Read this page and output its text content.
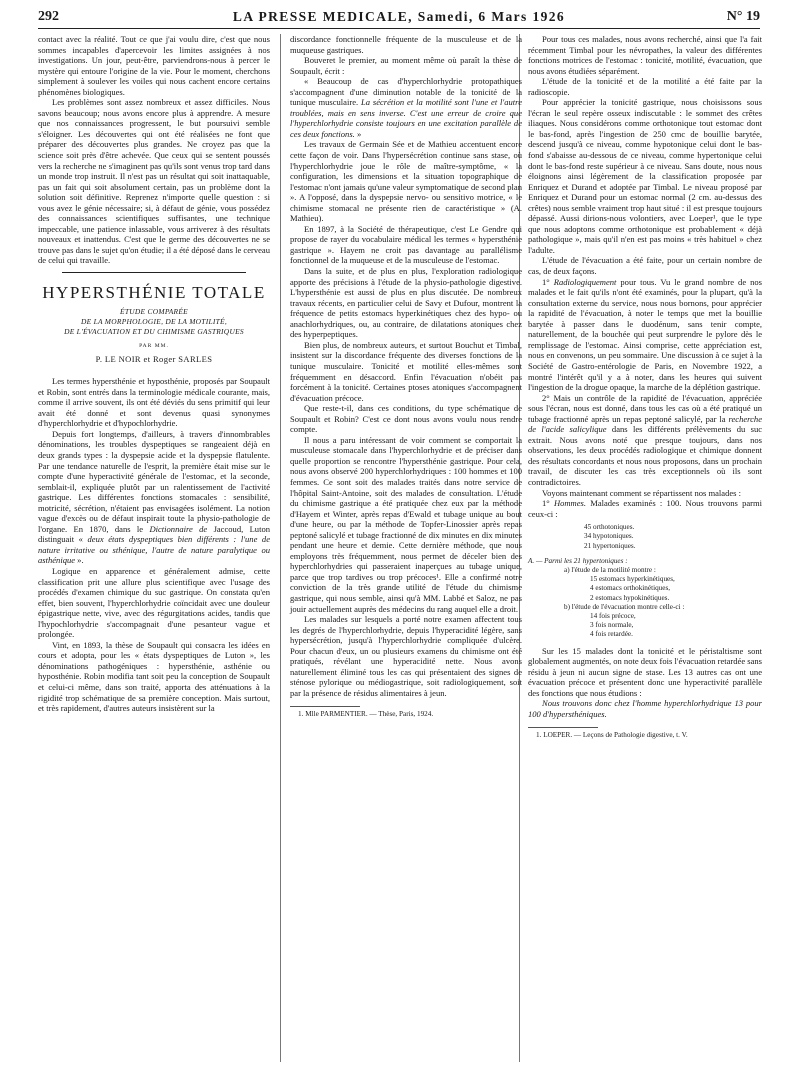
292	LA PRESSE MEDICALE, Samedi, 6 Mars 1926	N° 19

contact avec la réalité. Tout ce que j'ai voulu dire, c'est que nous sommes incapables d'apercevoir les limites assignées à nos investigations. Un jour, peut-être, parviendrons-nous à percer le mystère qui entoure l'origine de la vie. Pour le moment, cherchons simplement à soulever les voiles qui nous cachent encore certains phénomènes biologiques.

Les problèmes sont assez nombreux et assez difficiles. Nous savons beaucoup; nous avons encore plus à apprendre. A mesure que nos connaissances progressent, le but poursuivi semble s'éloigner. Les découvertes qui ont été réalisées ne font que préparer des découvertes plus grandes. Ne croyez pas que la science soit près d'être achevée. Que ceux qui se sentent poussés vers la recherche ne s'imaginent pas qu'ils sont venus trop tard dans un monde trop instruit. Il n'est pas un résultat qui soit inattaquable, pas un fait qui soit absolument certain, pas un problème dont la solution soit définitive. Reprenez n'importe quelle question : si vous avez le génie nécessaire; si, à défaut de génie, vous possédez des connaissances scientifiques suffisantes, une technique impeccable, une patience inlassable, vous arriverez à des résultats nouveaux et inattendus. C'est que le germe des découvertes ne se trouve pas dans le sujet qu'on étudie; il a été déposé dans le cerveau de celui qui travaille.

HYPERSTHÉNIE TOTALE
ÉTUDE COMPARÉE
DE LA MORPHOLOGIE, DE LA MOTILITÉ,
DE L'ÉVACUATION ET DU CHIMISME GASTRIQUES
PAR MM.
P. LE NOIR et Roger SARLES

Les termes hypersthénie et hyposthénie, proposés par Soupault et Robin, sont entrés dans la terminologie médicale courante, mais, comme il arrive souvent, ils ont été déviés du sens primitif qui leur avait été donné et sont devenus quasi synonymes d'hyperchlorhydrie et d'hypochlorhydrie.

Depuis fort longtemps, d'ailleurs, à travers d'innombrables dénominations, les troubles dyspeptiques se rangeaient déjà en deux grands types : la dyspepsie acide et la dyspepsie flatulente. Par une tendance naturelle de l'esprit, la première était mise sur le compte d'une hyperactivité générale de l'estomac, et la seconde, semblait-il, expliquée plutôt par un ralentissement de l'activité gastrique. Les différentes fonctions stomacales : sensibilité, motricité, sécrétion, n'étaient pas envisagées isolément. La notion vague d'excès ou de défaut inspirait toute la physio-pathologie de l'organe. En 1870, dans le Dictionnaire de Jaccoud, Luton distinguait « deux états dyspeptiques bien différents : l'une de nature irritative ou sthénique, l'autre de nature paralytique ou asthénique ».

Logique en apparence et généralement admise, cette classification prit une allure plus scientifique avec l'usage des procédés d'examen chimique du suc gastrique. On constata qu'en effet, bien souvent, l'hyperchlorhydrie coïncidait avec une douleur épigastrique nette, vive, avec des régurgitations acides, tandis que l'hypochlorhydrie s'accompagnait d'une pesanteur vague et prolongée.

Vint, en 1893, la thèse de Soupault qui consacra les idées en cours et adopta, pour les « états dyspeptiques de Luton », les dénominations pathogéniques : hypersthénie, asthénie ou hyposthénie. Robin modifia tant soit peu la conception de Soupault et celui-ci même, dans son traité, apporta des atténuations à la rigidité trop schématique de sa première conception. Mais surtout, et très rapidement, d'autres auteurs insistèrent sur la

discordance fonctionnelle fréquente de la musculeuse et de la muqueuse gastriques.

Bouveret le premier, au moment même où paraît la thèse de Soupault, écrit :

« Beaucoup de cas d'hyperchlorhydrie protopathiques s'accompagnent d'une diminution notable de la tonicité de la tunique musculaire. La sécrétion et la motilité sont l'une et l'autre troublées, mais en sens inverse. C'est une erreur de croire que l'hyperchlorhydrie consiste toujours en une excitation parallèle de ces deux fonctions. »

Les travaux de Germain Sée et de Mathieu accentuent encore cette façon de voir. Dans l'hypersécrétion continue sans stase, où l'hyperchlorhydrie joue le rôle de maître-symptôme, « la configuration, les dimensions et la situation topographique de l'estomac n'ont jamais qu'une valeur symptomatique de second plan ». A l'opposé, dans la dyspepsie nervo- ou sensitivo motrice, « le chimisme stomacal ne présente rien de caractéristique » (A. Mathieu).

En 1897, à la Société de thérapeutique, c'est Le Gendre qui propose de rayer du vocabulaire médical les termes « hypersthénie gastrique ». Hayem ne croit pas davantage au parallélisme fonctionnel de la muqueuse et de la musculeuse de l'estomac.

Dans la suite, et de plus en plus, l'exploration radiologique apporte des précisions à l'étude de la physio-pathologie digestive. L'hypersthénie est aussi de plus en plus discutée. De nombreux travaux récents, en particulier celui de Savy et Dufour, montrent la fréquence de petits estomacs hyperkinétiques chez des hypo- ou anachlorhydriques, ou, au contraire, de dilatations atoniques chez des hyperpeptiques.

Bien plus, de nombreux auteurs, et surtout Bouchut et Timbal, insistent sur la discordance fréquente des diverses fonctions de la tunique musculaire. Tonicité et motilité elles-mêmes sont fréquemment en désaccord. Enfin l'évacuation n'obéit pas forcément à la tonicité. Certaines ptoses atoniques s'accompagnent d'évacuation précoce.

Que reste-t-il, dans ces conditions, du type schématique de Soupault et Robin? C'est ce dont nous avons voulu nous rendre compte.

Il nous a paru intéressant de voir comment se comportait la musculeuse stomacale dans l'hyperchlorhydrie et de préciser dans quelle proportion se rencontre l'hypersthénie gastrique. Pour cela, nous avons observé 200 hyperchlorhydriques : 100 hommes et 100 femmes. Ce sont soit des malades traités dans notre service de l'hôpital Saint-Antoine, soit des malades de consultation. L'étude du chimisme gastrique a été pratiquée chez eux par la méthode d'Hayem et Winter, après repas d'Ewald et tubage unique au bout d'une heure, ou par la méthode de Topfer-Linossier après repas peptoné salicylé et tubage fractionné de dix minutes en dix minutes pendant une heure et demie. Cette dernière méthode, que nous employons très fréquemment, nous permet de déceler bien des hyperchlorhydries qui passeraient inaperçues au tubage unique, parce que trop tardives ou trop précoces¹. Elle a confirmé notre conviction de la très grande utilité de l'étude du chimisme gastrique, qui nous semble, ainsi qu'à MM. Labbé et Saloz, ne pas jouir actuellement auprès des médecins du rang auquel elle a droit.

Les malades sur lesquels a porté notre examen affectent tous les degrés de l'hyperchlorhydrie, depuis l'hyperacidité légère, sans hypersécrétion, jusqu'à l'hyperchlorhydrie compliquée d'ulcère. Pour chacun d'eux, un ou plusieurs examens du chimisme ont été pratiqués, révélant une hyperacidité nette. Nous avons naturellement éliminé tous les cas qui présentaient des signes de sténose pylorique ou médiogastrique, soit radiologiquement, soit par la présence de résidus alimentaires à jeun.

1. Mlle PARMENTIER. — Thèse, Paris, 1924.

Pour tous ces malades, nous avons recherché, ainsi que l'a fait récemment Timbal pour les névropathes, la valeur des différentes fonctions motrices de l'estomac : tonicité, motilité, évacuation, que nous avons étudiées séparément.

L'étude de la tonicité et de la motilité a été faite par la radioscopie.

Pour apprécier la tonicité gastrique, nous choisissons sous l'écran le seul repère osseux indiscutable : le sommet des crêtes iliaques. Nous considérons comme orthotonique tout estomac dont le bas-fond, après l'ingestion de 250 cmc de bouillie barytée, descend jusqu'à ce niveau, comme hypotonique celui dont le bas-fond s'abaisse au-dessous de ce niveau, comme hypertonique celui dont le bas-fond reste supérieur à ce niveau. Sans doute, nous nous éloignons ainsi légèrement de la classification proposée par Enriquez et Durand et adoptée par Timbal. Le niveau proposé par Enriquez et Durand pour un estomac normal (2 cm. au-dessus des crêtes) nous semble vraiment trop haut situé : il est presque toujours dépassé. Aussi dirions-nous volontiers, avec Loeper¹, que le type que nous adoptons comme orthotonique est probablement « déjà pathologique », mais qu'il n'en est pas moins « très habituel » chez l'adulte.

L'étude de l'évacuation a été faite, pour un certain nombre de cas, de deux façons.

1° Radiologiquement pour tous. Vu le grand nombre de nos malades et le fait qu'ils n'ont été examinés, pour la plupart, qu'à la consultation externe du service, nous nous bornons, pour apprécier la rapidité de l'évacuation, à noter le temps que met la bouillie barytée à passer dans le duodénum, sans tenir compte, naturellement, de la bouchée qui peut surprendre le pylore dès le remplissage de l'estomac. Ainsi comprise, cette appréciation est, nous en convenons, un peu sommaire. Une discussion à ce sujet à la Société de Gastro-entérologie de Paris, en Novembre 1922, a montré l'intérêt qu'il y a à noter, dans les heures qui suivent l'ingestion de la drogue opaque, la marche de la déplétion gastrique.

2° Mais un contrôle de la rapidité de l'évacuation, appréciée sous l'écran, nous est donné, dans tous les cas où a été pratiqué un tubage fractionné après un repas peptoné salicylé, par la recherche de l'acide salicylique dans les différents prélèvements du suc extrait. Nous avons noté que presque toujours, dans nos observations, les deux procédés radiologique et chimique donnent des résultats concordants et nous nous proposons, dans un prochain travail, de discuter les cas très exceptionnels où ils sont contradictoires.

Voyons maintenant comment se répartissent nos malades :

1° Hommes. Malades examinés : 100. Nous trouvons parmi ceux-ci :

45 orthotoniques.
34 hypotoniques.
21 hypertoniques.
A. — Parmi les 21 hypertoniques :
a) l'étude de la motilité montre :
15 estomacs hyperkinétiques,
4 estomacs orthokinétiques,
2 estomacs hypokinétiques.
b) l'étude de l'évacuation montre celle-ci :
14 fois précoce,
3 fois normale,
4 fois retardée.

Sur les 15 malades dont la tonicité et le péristaltisme sont globalement augmentés, on note deux fois l'évacuation retardée sans résidu à jeun ni aucun signe de stase. Les 13 autres cas ont une évacuation précoce et présentent donc une hyperactivité parallèle des fonctions que nous étudions :

Nous trouvons donc chez l'homme hyperchlorhydrique 13 pour 100 d'hypersthéniques.

1. LOEPER. — Leçons de Pathologie digestive, t. V.
